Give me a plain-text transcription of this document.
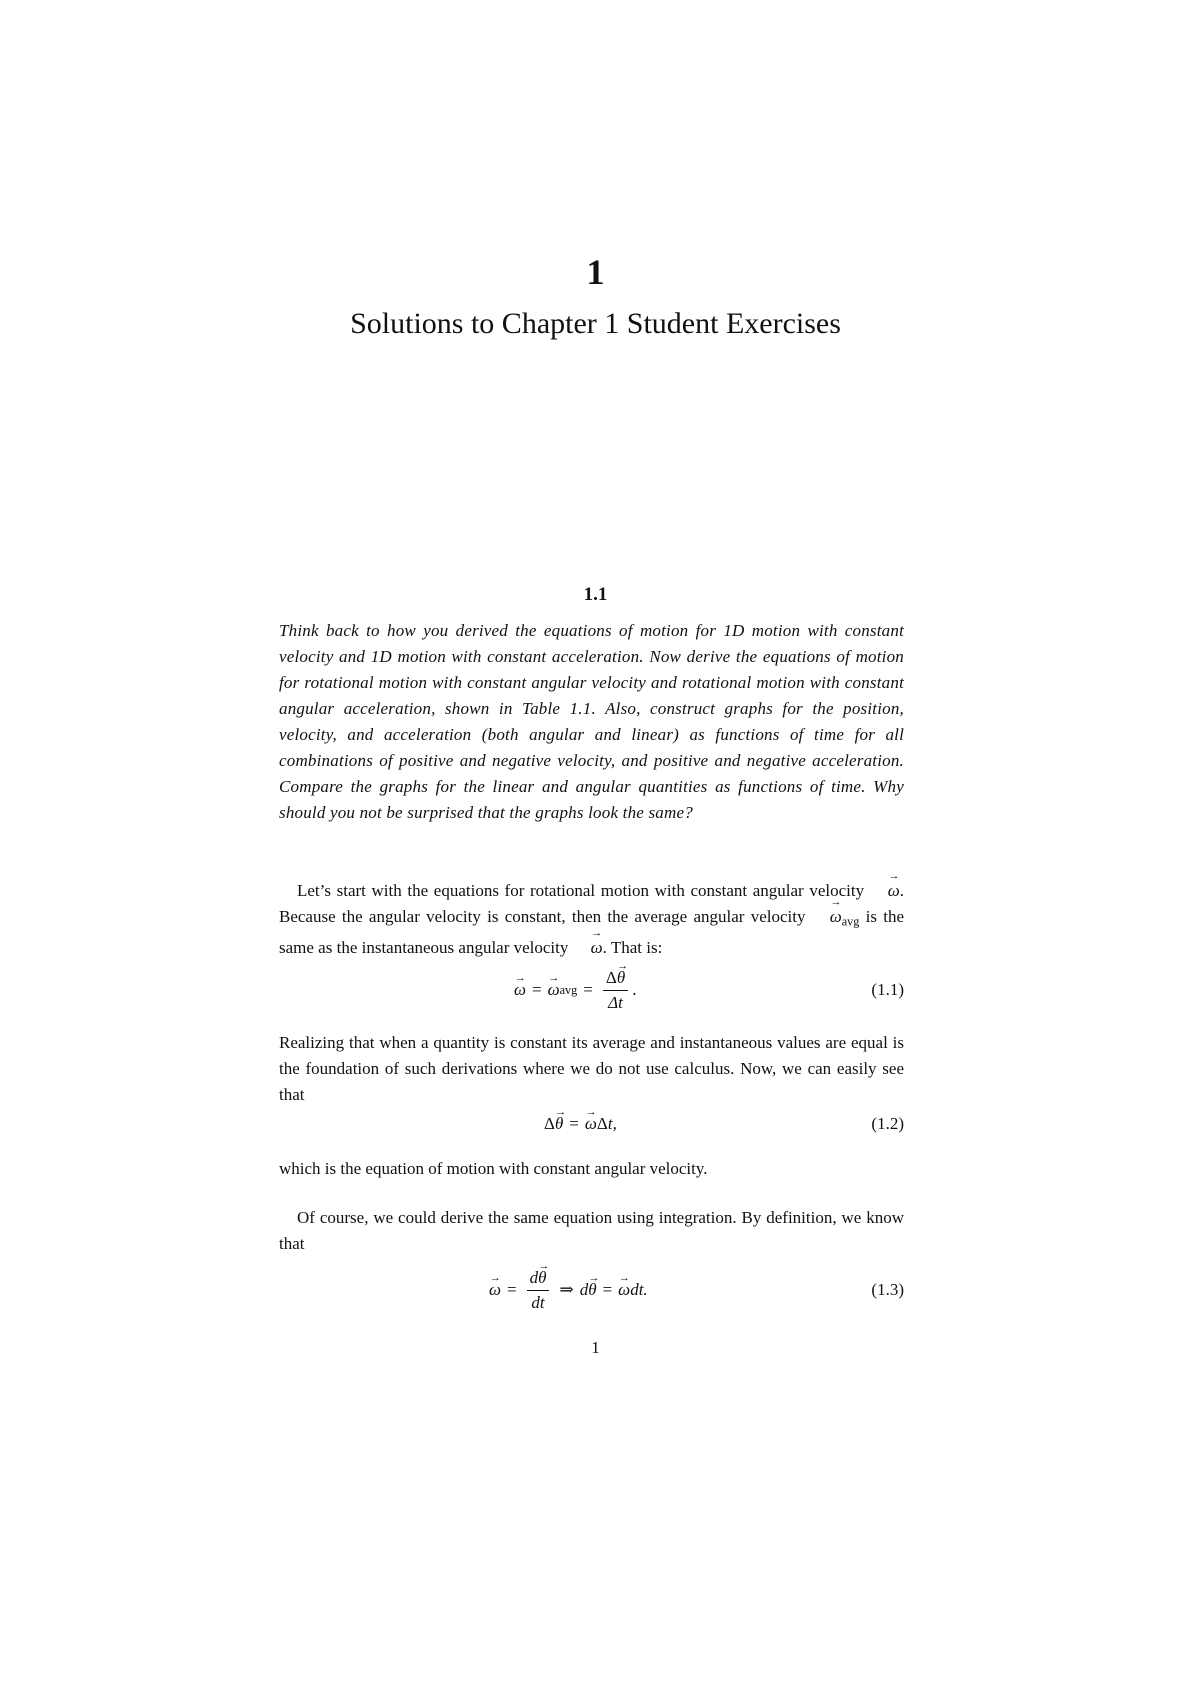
1
Solutions to Chapter 1 Student Exercises
1.1
Think back to how you derived the equations of motion for 1D motion with constant velocity and 1D motion with constant acceleration. Now derive the equations of motion for rotational motion with constant angular velocity and rotational motion with constant angular acceleration, shown in Table 1.1. Also, construct graphs for the position, velocity, and acceleration (both angular and linear) as functions of time for all combinations of positive and negative velocity, and positive and negative acceleration. Compare the graphs for the linear and angular quantities as functions of time. Why should you not be surprised that the graphs look the same?
Let’s start with the equations for rotational motion with constant angular velocity → ω. Because the angular velocity is constant, then the average angular velocity → $\omega_{avg}$ is the same as the instantaneous angular velocity → ω. That is:
→ ω = → ω avg = $\frac{\Delta\to \theta}{\Delta t}$ .	(1.1)
Realizing that when a quantity is constant its average and instantaneous values are equal is the foundation of such derivations where we do not use calculus. Now, we can easily see that
Δ → θ = → ω Δ t,	(1.2)
which is the equation of motion with constant angular velocity.
Of course, we could derive the same equation using integration. By definition, we know that
→ $\omega = \frac{d\to \theta}{dt}$ ⇒ d → θ = → ω dt.	(1.3)
1
